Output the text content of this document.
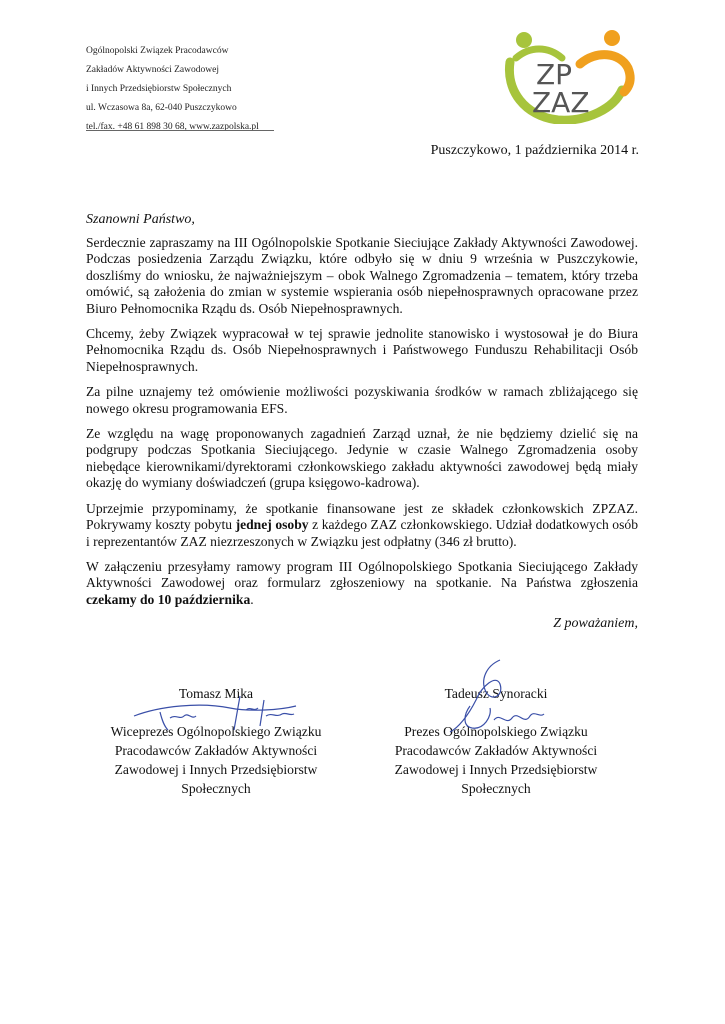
Ogólnopolski Związek Pracodawców
Zakładów Aktywności Zawodowej
i Innych Przedsiębiorstw Społecznych
ul. Wczasowa 8a, 62-040 Puszczykowo
tel./fax. +48 61 898 30 68, www.zazpolska.pl
ZP
ZAZ
Puszczykowo, 1 października 2014 r.
Szanowni Państwo,

Serdecznie zapraszamy na III Ogólnopolskie Spotkanie Sieciujące Zakłady Aktywności Zawodowej. Podczas posiedzenia Zarządu Związku, które odbyło się w dniu 9 września w Puszczykowie, doszliśmy do wniosku, że najważniejszym – obok Walnego Zgromadzenia – tematem, który trzeba omówić, są założenia do zmian w systemie wspierania osób niepełnosprawnych opracowane przez Biuro Pełnomocnika Rządu ds. Osób Niepełnosprawnych.

Chcemy, żeby Związek wypracował w tej sprawie jednolite stanowisko i wystosował je do Biura Pełnomocnika Rządu ds. Osób Niepełnosprawnych i Państwowego Funduszu Rehabilitacji Osób Niepełnosprawnych.

Za pilne uznajemy też omówienie możliwości pozyskiwania środków w ramach zbliżającego się nowego okresu programowania EFS.

Ze względu na wagę proponowanych zagadnień Zarząd uznał, że nie będziemy dzielić się na podgrupy podczas Spotkania Sieciującego. Jedynie w czasie Walnego Zgromadzenia osoby niebędące kierownikami/dyrektorami członkowskiego zakładu aktywności zawodowej będą miały okazję do wymiany doświadczeń (grupa księgowo-kadrowa).

Uprzejmie przypominamy, że spotkanie finansowane jest ze składek członkowskich ZPZAZ. Pokrywamy koszty pobytu jednej osoby z każdego ZAZ członkowskiego. Udział dodatkowych osób i reprezentantów ZAZ niezrzeszonych w Związku jest odpłatny (346 zł brutto).

W załączeniu przesyłamy ramowy program III Ogólnopolskiego Spotkania Sieciującego Zakłady Aktywności Zawodowej oraz formularz zgłoszeniowy na spotkanie. Na Państwa zgłoszenia czekamy do 10 października.

Z poważaniem,
Tomasz Mika
Wiceprezes Ogólnopolskiego Związku
Pracodawców Zakładów Aktywności
Zawodowej i Innych Przedsiębiorstw
Społecznych
Tadeusz Synoracki
Prezes Ogólnopolskiego Związku
Pracodawców Zakładów Aktywności
Zawodowej i Innych Przedsiębiorstw
Społecznych
